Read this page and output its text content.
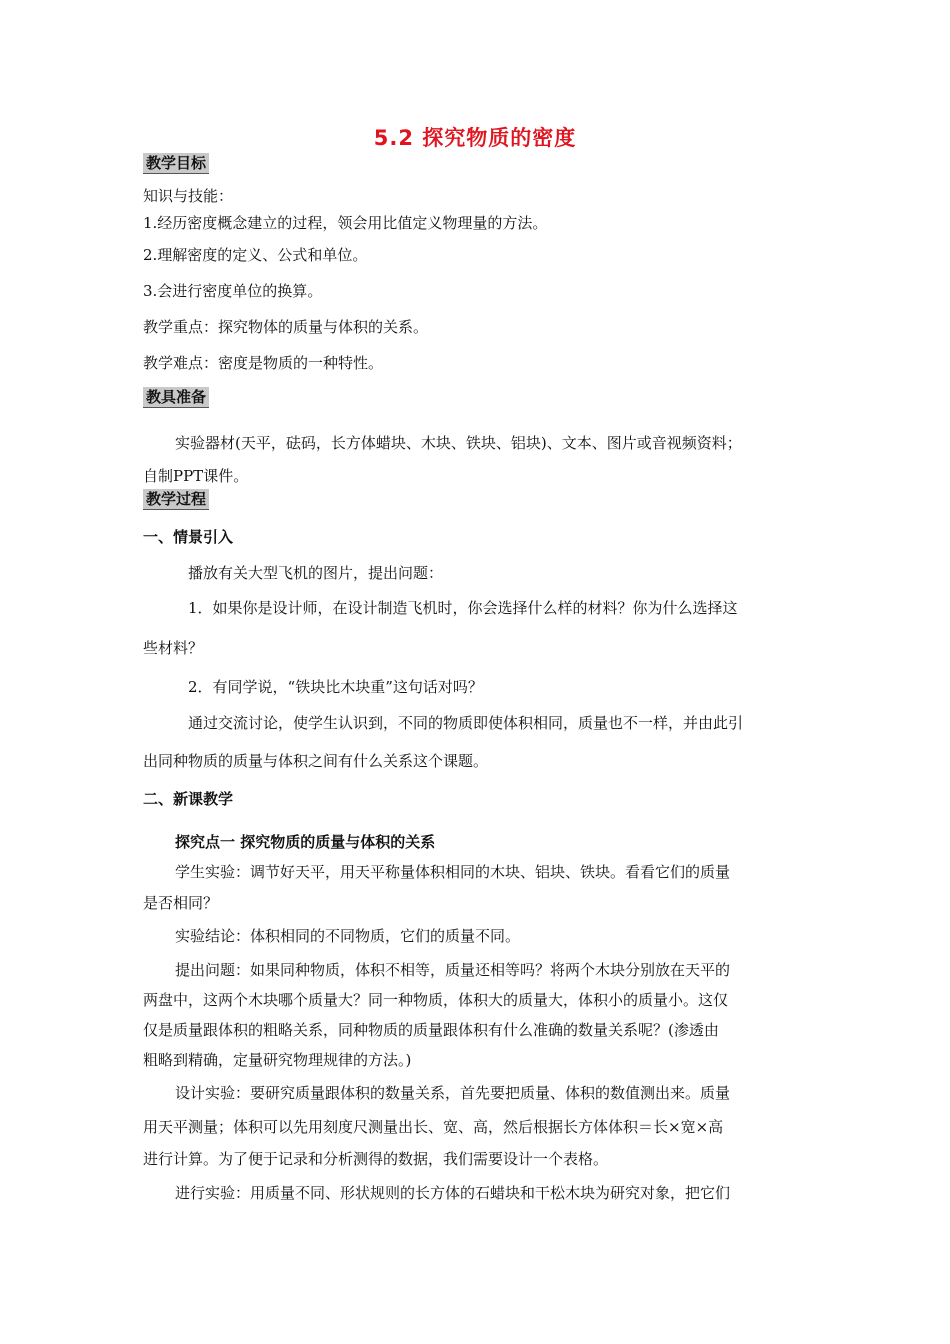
5.2 探究物质的密度
教学目标
知识与技能：
1.经历密度概念建立的过程，领会用比值定义物理量的方法。
2.理解密度的定义、公式和单位。
3.会进行密度单位的换算。
教学重点：探究物体的质量与体积的关系。
教学难点：密度是物质的一种特性。
教具准备
实验器材(天平，砝码，长方体蜡块、木块、铁块、铝块)、文本、图片或音视频资料；
自制PPT课件。
教学过程
一、情景引入
播放有关大型飞机的图片，提出问题：
1．如果你是设计师，在设计制造飞机时，你会选择什么样的材料？你为什么选择这
些材料？
2．有同学说，“铁块比木块重”这句话对吗？
通过交流讨论，使学生认识到，不同的物质即使体积相同，质量也不一样，并由此引
出同种物质的质量与体积之间有什么关系这个课题。
二、新课教学
探究点一 探究物质的质量与体积的关系
学生实验：调节好天平，用天平称量体积相同的木块、铝块、铁块。看看它们的质量
是否相同？
实验结论：体积相同的不同物质，它们的质量不同。
提出问题：如果同种物质，体积不相等，质量还相等吗？将两个木块分别放在天平的
两盘中，这两个木块哪个质量大？同一种物质，体积大的质量大，体积小的质量小。这仅
仅是质量跟体积的粗略关系，同种物质的质量跟体积有什么准确的数量关系呢？(渗透由
粗略到精确，定量研究物理规律的方法。)
设计实验：要研究质量跟体积的数量关系，首先要把质量、体积的数值测出来。质量
用天平测量；体积可以先用刻度尺测量出长、宽、高，然后根据长方体体积＝长×宽×高
进行计算。为了便于记录和分析测得的数据，我们需要设计一个表格。
进行实验：用质量不同、形状规则的长方体的石蜡块和干松木块为研究对象，把它们
